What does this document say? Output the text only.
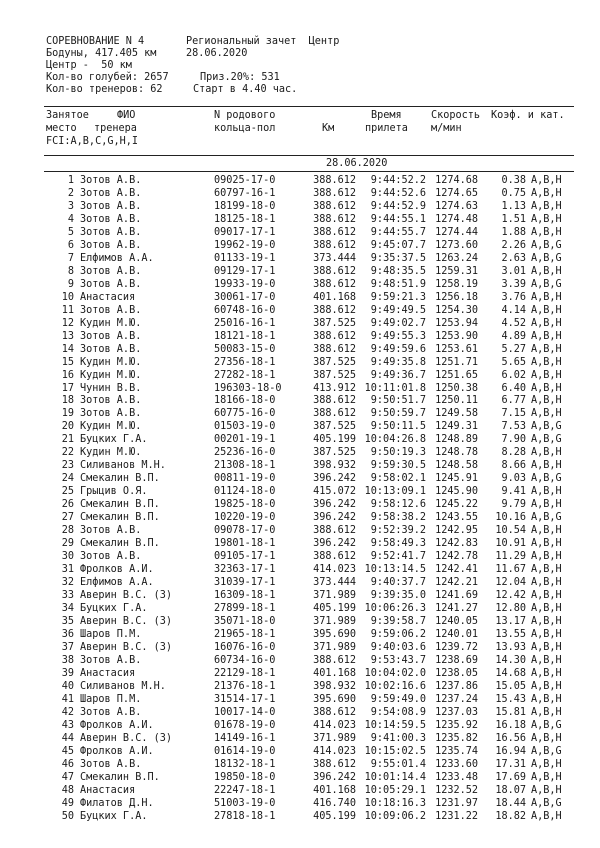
СОРЕВНОВАНИЕ N 4	Региональный зачет  Центр
Бодуны, 417.405 км	28.06.2020
Центр -  50 км
Кол-во голубей: 2657	Приз.20%: 531
Кол-во тренеров: 62	Старт в 4.40 час.
Занятое	ФИО	N родового	Время	Скорость Коэф. и кат.
место тренера	кольца-пол	Км	прилета м/мин
FCI:A,B,C,G,H,I
28.06.2020
1 Зотов А.В.	09025-17-0	388.612	9:44:52.2 1274.68	0.38 A,B,H
2 Зотов А.В.	60797-16-1	388.612	9:44:52.6 1274.65	0.75 A,B,H
3 Зотов А.В.	18199-18-0	388.612	9:44:52.9 1274.63	1.13 A,B,H
4 Зотов А.В.	18125-18-1	388.612	9:44:55.1 1274.48	1.51 A,B,H
5 Зотов А.В.	09017-17-1	388.612	9:44:55.7 1274.44	1.88 A,B,H
6 Зотов А.В.	19962-19-0	388.612	9:45:07.7 1273.60	2.26 A,B,G
7 Елфимов А.А.	01133-19-1	373.444	9:35:37.5 1263.24	2.63 A,B,G
8 Зотов А.В.	09129-17-1	388.612	9:48:35.5 1259.31	3.01 A,B,H
9 Зотов А.В.	19933-19-0	388.612	9:48:51.9 1258.19	3.39 A,B,G
10 Анастасия	30061-17-0	401.168	9:59:21.3 1256.18	3.76 A,B,H
11 Зотов А.В.	60748-16-0	388.612	9:49:49.5 1254.30	4.14 A,B,H
12 Кудин М.Ю.	25016-16-1	387.525	9:49:02.7 1253.94	4.52 A,B,H
13 Зотов А.В.	18121-18-1	388.612	9:49:55.3 1253.90	4.89 A,B,H
14 Зотов А.В.	50083-15-0	388.612	9:49:59.6 1253.61	5.27 A,B,H
15 Кудин М.Ю.	27356-18-1	387.525	9:49:35.8 1251.71	5.65 A,B,H
16 Кудин М.Ю.	27282-18-1	387.525	9:49:36.7 1251.65	6.02 A,B,H
17 Чунин В.В.	196303-18-0	413.912 10:11:01.8 1250.38	6.40 A,B,H
18 Зотов А.В.	18166-18-0	388.612	9:50:51.7 1250.11	6.77 A,B,H
19 Зотов А.В.	60775-16-0	388.612	9:50:59.7 1249.58	7.15 A,B,H
20 Кудин М.Ю.	01503-19-0	387.525	9:50:11.5 1249.31	7.53 A,B,G
21 Буцких Г.А.	00201-19-1	405.199 10:04:26.8 1248.89	7.90 A,B,G
22 Кудин М.Ю.	25236-16-0	387.525	9:50:19.3 1248.78	8.28 A,B,H
23 Силиванов М.Н.	21308-18-1	398.932	9:59:30.5 1248.58	8.66 A,B,H
24 Смекалин В.П.	00811-19-0	396.242	9:58:02.1 1245.91	9.03 A,B,G
25 Грыцив О.Я.	01124-18-0	415.072 10:13:09.1 1245.90	9.41 A,B,H
26 Смекалин В.П.	19825-18-0	396.242	9:58:12.6 1245.22	9.79 A,B,H
27 Смекалин В.П.	10220-19-0	396.242	9:58:38.2 1243.55	10.16 A,B,G
28 Зотов А.В.	09078-17-0	388.612	9:52:39.2 1242.95	10.54 A,B,H
29 Смекалин В.П.	19801-18-1	396.242	9:58:49.3 1242.83	10.91 A,B,H
30 Зотов А.В.	09105-17-1	388.612	9:52:41.7 1242.78	11.29 A,B,H
31 Фролков А.И.	32363-17-1	414.023 10:13:14.5 1242.41	11.67 A,B,H
32 Елфимов А.А.	31039-17-1	373.444	9:40:37.7 1242.21	12.04 A,B,H
33 Аверин В.С. (З)	16309-18-1	371.989	9:39:35.0 1241.69	12.42 A,B,H
34 Буцких Г.А.	27899-18-1	405.199 10:06:26.3 1241.27	12.80 A,B,H
35 Аверин В.С. (З)	35071-18-0	371.989	9:39:58.7 1240.05	13.17 A,B,H
36 Шаров П.М.	21965-18-1	395.690	9:59:06.2 1240.01	13.55 A,B,H
37 Аверин В.С. (З)	16076-16-0	371.989	9:40:03.6 1239.72	13.93 A,B,H
38 Зотов А.В.	60734-16-0	388.612	9:53:43.7 1238.69	14.30 A,B,H
39 Анастасия	22129-18-1	401.168 10:04:02.0 1238.05	14.68 A,B,H
40 Силиванов М.Н.	21376-18-1	398.932 10:02:16.6 1237.86	15.05 A,B,H
41 Шаров П.М.	31514-17-1	395.690	9:59:49.0 1237.24	15.43 A,B,H
42 Зотов А.В.	10017-14-0	388.612	9:54:08.9 1237.03	15.81 A,B,H
43 Фролков А.И.	01678-19-0	414.023 10:14:59.5 1235.92	16.18 A,B,G
44 Аверин В.С. (З)	14149-16-1	371.989	9:41:00.3 1235.82	16.56 A,B,H
45 Фролков А.И.	01614-19-0	414.023 10:15:02.5 1235.74	16.94 A,B,G
46 Зотов А.В.	18132-18-1	388.612	9:55:01.4 1233.60	17.31 A,B,H
47 Смекалин В.П.	19850-18-0	396.242 10:01:14.4 1233.48	17.69 A,B,H
48 Анастасия	22247-18-1	401.168 10:05:29.1 1232.52	18.07 A,B,H
49 Филатов Д.Н.	51003-19-0	416.740 10:18:16.3 1231.97	18.44 A,B,G
50 Буцких Г.А.	27818-18-1	405.199 10:09:06.2 1231.22	18.82 A,B,H
